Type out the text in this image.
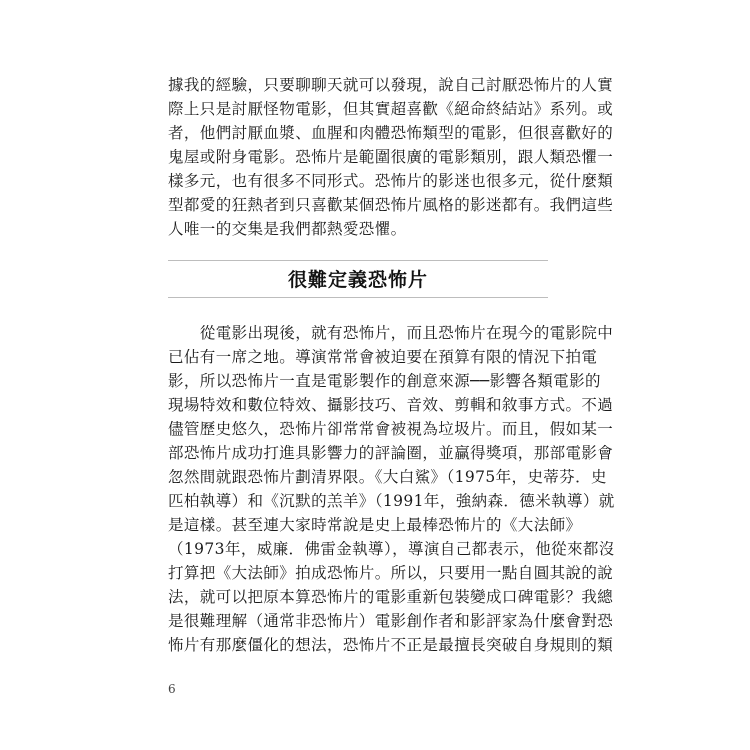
據我的經驗，只要聊聊天就可以發現，說自己討厭恐怖片的人實
際上只是討厭怪物電影，但其實超喜歡《絕命終結站》系列。或
者，他們討厭血漿、血腥和肉體恐怖類型的電影，但很喜歡好的
鬼屋或附身電影。恐怖片是範圍很廣的電影類別，跟人類恐懼一
樣多元，也有很多不同形式。恐怖片的影迷也很多元，從什麼類
型都愛的狂熱者到只喜歡某個恐怖片風格的影迷都有。我們這些
人唯一的交集是我們都熱愛恐懼。
很難定義恐怖片
　　從電影出現後，就有恐怖片，而且恐怖片在現今的電影院中
已佔有一席之地。導演常常會被迫要在預算有限的情況下拍電
影，所以恐怖片一直是電影製作的創意來源──影響各類電影的
現場特效和數位特效、攝影技巧、音效、剪輯和敘事方式。不過
儘管歷史悠久，恐怖片卻常常會被視為垃圾片。而且，假如某一
部恐怖片成功打進具影響力的評論圈，並贏得獎項，那部電影會
忽然間就跟恐怖片劃清界限。《大白鯊》（1975年，史蒂芬．史
匹柏執導）和《沉默的羔羊》（1991年，強納森．德米執導）就
是這樣。甚至連大家時常說是史上最棒恐怖片的《大法師》
（1973年，威廉．佛雷金執導），導演自己都表示，他從來都沒
打算把《大法師》拍成恐怖片。所以，只要用一點自圓其說的說
法，就可以把原本算恐怖片的電影重新包裝變成口碑電影？我總
是很難理解（通常非恐怖片）電影創作者和影評家為什麼會對恐
怖片有那麼僵化的想法，恐怖片不正是最擅長突破自身規則的類
6
